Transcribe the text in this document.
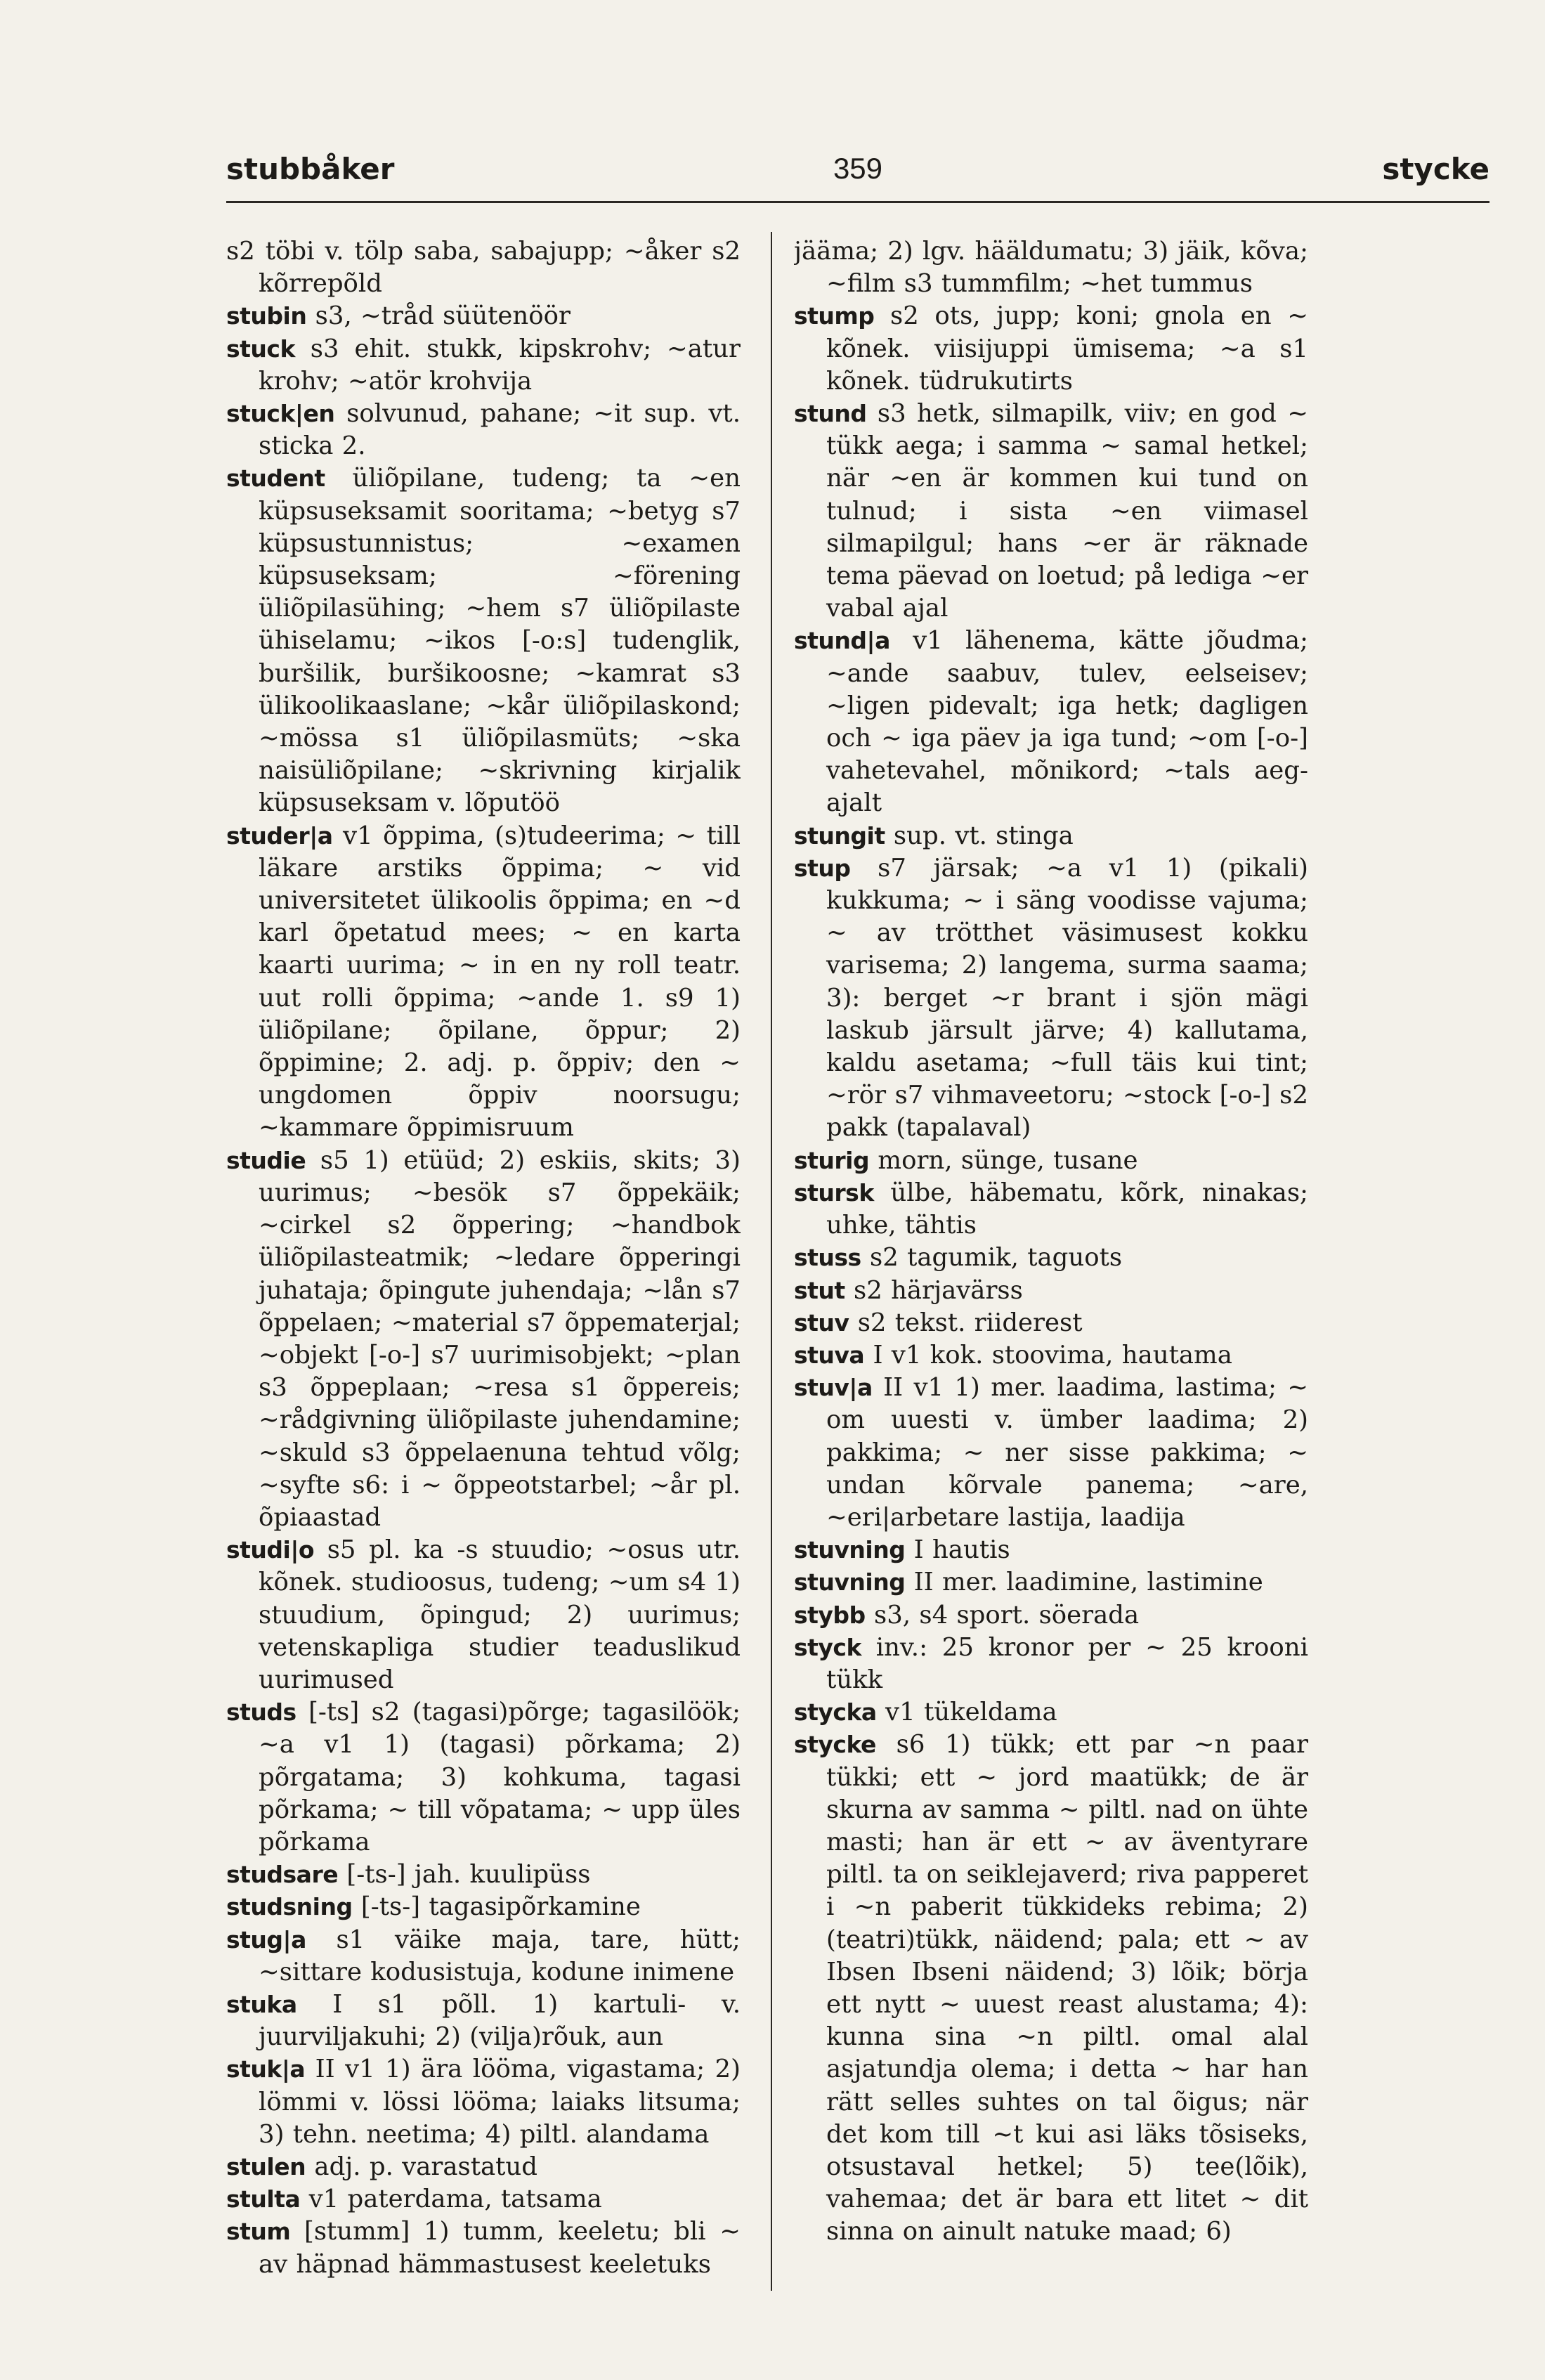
stubbåker	359	stycke

s2 töbi v. tölp saba, sabajupp; ~åker s2 kõrrepõld

stubin s3, ~tråd süütenöör

stuck s3 ehit. stukk, kipskrohv; ~atur krohv; ~atör krohvija

stuck|en solvunud, pahane; ~it sup. vt. sticka 2.

student üliõpilane, tudeng; ta ~en küpsuseksamit sooritama; ~betyg s7 küpsustunnistus; ~examen küpsuseksam; ~förening üliõpilasühing; ~hem s7 üliõpilaste ühiselamu; ~ikos [-o:s] tudenglik, buršilik, buršikoosne; ~kamrat s3 ülikoolikaaslane; ~kår üliõpilaskond; ~mössa s1 üliõpilasmüts; ~ska naisüliõpilane; ~skrivning kirjalik küpsuseksam v. lõputöö

studer|a v1 õppima, (s)tudeerima; ~ till läkare arstiks õppima; ~ vid universitetet ülikoolis õppima; en ~d karl õpetatud mees; ~ en karta kaarti uurima; ~ in en ny roll teatr. uut rolli õppima; ~ande 1. s9 1) üliõpilane; õpilane, õppur; 2) õppimine; 2. adj. p. õppiv; den ~ ungdomen õppiv noorsugu; ~kammare õppimisruum

studie s5 1) etüüd; 2) eskiis, skits; 3) uurimus; ~besök s7 õppekäik; ~cirkel s2 õppering; ~handbok üliõpilasteatmik; ~ledare õpperingi juhataja; õpingute juhendaja; ~lån s7 õppelaen; ~material s7 õppematerjal; ~objekt [-o-] s7 uurimisobjekt; ~plan s3 õppeplaan; ~resa s1 õppereis; ~rådgivning üliõpilaste juhendamine; ~skuld s3 õppelaenuna tehtud võlg; ~syfte s6: i ~ õppeotstarbel; ~år pl. õpiaastad

studi|o s5 pl. ka -s stuudio; ~osus utr. kõnek. studioosus, tudeng; ~um s4 1) stuudium, õpingud; 2) uurimus; vetenskapliga studier teaduslikud uurimused

studs [-ts] s2 (tagasi)põrge; tagasilöök; ~a v1 1) (tagasi) põrkama; 2) põrgatama; 3) kohkuma, tagasi põrkama; ~ till võpatama; ~ upp üles põrkama

studsare [-ts-] jah. kuulipüss

studsning [-ts-] tagasipõrkamine

stug|a s1 väike maja, tare, hütt; ~sittare kodusistuja, kodune inimene

stuka I s1 põll. 1) kartuli- v. juurviljakuhi; 2) (vilja)rõuk, aun

stuk|a II v1 1) ära lööma, vigastama; 2) lömmi v. lössi lööma; laiaks litsuma; 3) tehn. neetima; 4) piltl. alandama

stulen adj. p. varastatud

stulta v1 paterdama, tatsama

stum [stumm] 1) tumm, keeletu; bli ~ av häpnad hämmastusest keeletuks

jääma; 2) lgv. hääldumatu; 3) jäik, kõva; ~film s3 tummfilm; ~het tummus

stump s2 ots, jupp; koni; gnola en ~ kõnek. viisijuppi ümisema; ~a s1 kõnek. tüdrukutirts

stund s3 hetk, silmapilk, viiv; en god ~ tükk aega; i samma ~ samal hetkel; när ~en är kommen kui tund on tulnud; i sista ~en viimasel silmapilgul; hans ~er är räknade tema päevad on loetud; på lediga ~er vabal ajal

stund|a v1 lähenema, kätte jõudma; ~ande saabuv, tulev, eelseisev; ~ligen pidevalt; iga hetk; dagligen och ~ iga päev ja iga tund; ~om [-o-] vahetevahel, mõnikord; ~tals aeg-ajalt

stungit sup. vt. stinga

stup s7 järsak; ~a v1 1) (pikali) kukkuma; ~ i säng voodisse vajuma; ~ av trötthet väsimusest kokku varisema; 2) langema, surma saama; 3): berget ~r brant i sjön mägi laskub järsult järve; 4) kallutama, kaldu asetama; ~full täis kui tint; ~rör s7 vihmaveetoru; ~stock [-o-] s2 pakk (tapalaval)

sturig morn, sünge, tusane

stursk ülbe, häbematu, kõrk, ninakas; uhke, tähtis

stuss s2 tagumik, taguots

stut s2 härjavärss

stuv s2 tekst. riiderest

stuva I v1 kok. stoovima, hautama

stuv|a II v1 1) mer. laadima, lastima; ~ om uuesti v. ümber laadima; 2) pakkima; ~ ner sisse pakkima; ~ undan kõrvale panema; ~are, ~eri|arbetare lastija, laadija

stuvning I hautis

stuvning II mer. laadimine, lastimine

stybb s3, s4 sport. söerada

styck inv.: 25 kronor per ~ 25 krooni tükk

stycka v1 tükeldama

stycke s6 1) tükk; ett par ~n paar tükki; ett ~ jord maatükk; de är skurna av samma ~ piltl. nad on ühte masti; han är ett ~ av äventyrare piltl. ta on seiklejaverd; riva papperet i ~n paberit tükkideks rebima; 2) (teatri)tükk, näidend; pala; ett ~ av Ibsen Ibseni näidend; 3) lõik; börja ett nytt ~ uuest reast alustama; 4): kunna sina ~n piltl. omal alal asjatundja olema; i detta ~ har han rätt selles suhtes on tal õigus; när det kom till ~t kui asi läks tõsiseks, otsustaval hetkel; 5) tee(lõik), vahemaa; det är bara ett litet ~ dit sinna on ainult natuke maad; 6)
